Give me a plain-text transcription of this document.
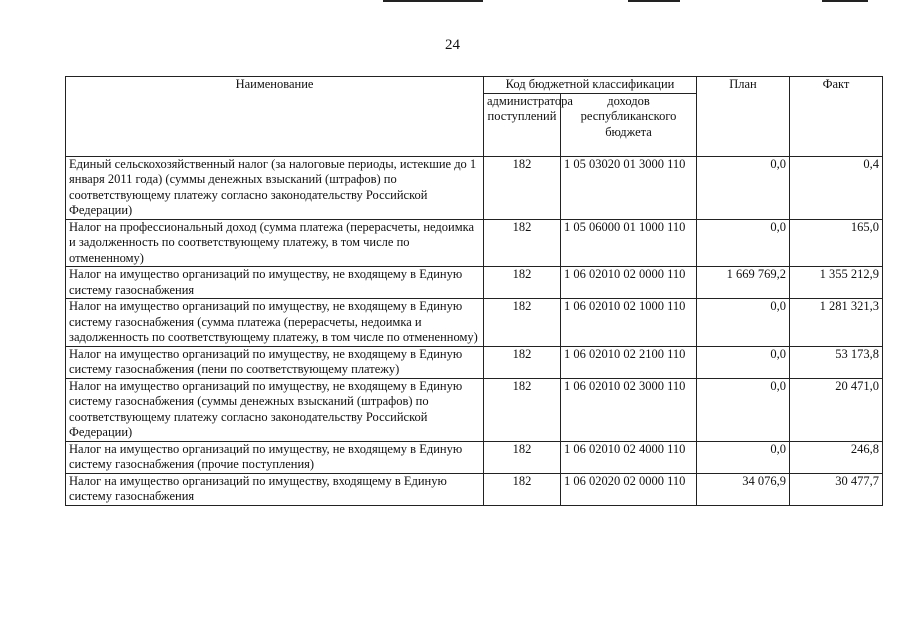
24
Наименование	Код бюджетной классификации		План	Факт
	администратора поступлений	доходов республиканского бюджета		
Единый сельскохозяйственный налог (за налоговые периоды, истекшие до 1 января 2011 года) (суммы денежных взысканий (штрафов) по соответствующему платежу согласно законодательству Российской Федерации)	182	1 05 03020 01 3000 110	0,0	0,4
Налог на профессиональный доход (сумма платежа (перерасчеты, недоимка и задолженность по соответствующему платежу, в том числе по отмененному)	182	1 05 06000 01 1000 110	0,0	165,0
Налог на имущество организаций по имуществу, не входящему в Единую систему газоснабжения	182	1 06 02010 02 0000 110	1 669 769,2	1 355 212,9
Налог на имущество организаций по имуществу, не входящему в Единую систему газоснабжения (сумма платежа (перерасчеты, недоимка и задолженность по соответствующему платежу, в том числе по отмененному)	182	1 06 02010 02 1000 110	0,0	1 281 321,3
Налог на имущество организаций по имуществу, не входящему в Единую систему газоснабжения (пени по соответствующему платежу)	182	1 06 02010 02 2100 110	0,0	53 173,8
Налог на имущество организаций по имуществу, не входящему в Единую систему газоснабжения (суммы денежных взысканий (штрафов) по соответствующему платежу согласно законодательству Российской Федерации)	182	1 06 02010 02 3000 110	0,0	20 471,0
Налог на имущество организаций по имуществу, не входящему в Единую систему газоснабжения (прочие поступления)	182	1 06 02010 02 4000 110	0,0	246,8
Налог на имущество организаций по имуществу, входящему в Единую систему газоснабжения	182	1 06 02020 02 0000 110	34 076,9	30 477,7
